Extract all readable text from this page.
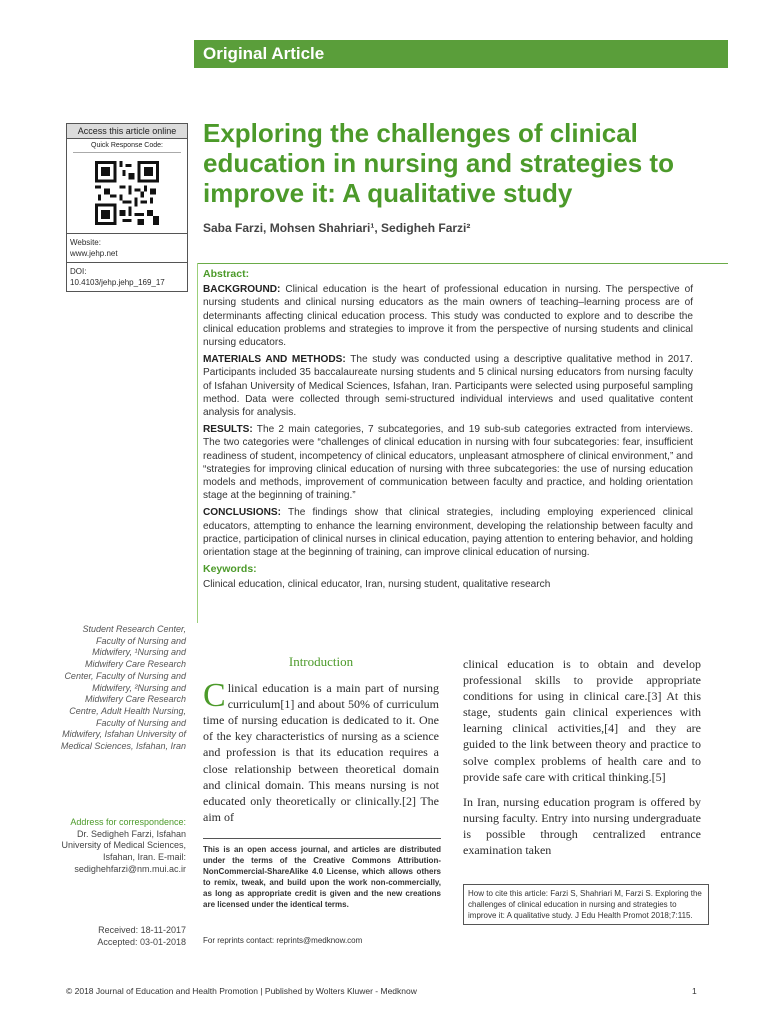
Original Article
Access this article online
Quick Response Code:
Website:
www.jehp.net
DOI:
10.4103/jehp.jehp_169_17
Exploring the challenges of clinical education in nursing and strategies to improve it: A qualitative study
Saba Farzi, Mohsen Shahriari¹, Sedigheh Farzi²
Abstract:

BACKGROUND: Clinical education is the heart of professional education in nursing. The perspective of nursing students and clinical nursing educators as the main owners of teaching–learning process are of determinants affecting clinical education process. This study was conducted to explore and to describe the clinical education problems and strategies to improve it from the perspective of nursing students and clinical nursing educators.

MATERIALS AND METHODS: The study was conducted using a descriptive qualitative method in 2017. Participants included 35 baccalaureate nursing students and 5 clinical nursing educators from nursing faculty of Isfahan University of Medical Sciences, Isfahan, Iran. Participants were selected using purposeful sampling method. Data were collected through semi-structured individual interviews and used qualitative content analysis for analysis.

RESULTS: The 2 main categories, 7 subcategories, and 19 sub-sub categories extracted from interviews. The two categories were “challenges of clinical education in nursing with four subcategories: fear, insufficient readiness of student, incompetency of clinical educators, unpleasant atmosphere of clinical environment,” and “strategies for improving clinical education of nursing with three subcategories: the use of nursing education models and methods, improvement of communication between faculty and practice, and holding orientation stage at the beginning of training.”

CONCLUSIONS: The findings show that clinical strategies, including employing experienced clinical educators, attempting to enhance the learning environment, developing the relationship between faculty and practice, participation of clinical nurses in clinical education, paying attention to entering behavior, and holding orientation stage at the beginning of training, can improve clinical education of nursing.

Keywords:
Clinical education, clinical educator, Iran, nursing student, qualitative research
Student Research Center, Faculty of Nursing and Midwifery, ¹Nursing and Midwifery Care Research Center, Faculty of Nursing and Midwifery, ²Nursing and Midwifery Care Research Centre, Adult Health Nursing, Faculty of Nursing and Midwifery, Isfahan University of Medical Sciences, Isfahan, Iran
Address for correspondence:
Dr. Sedigheh Farzi, Isfahan University of Medical Sciences, Isfahan, Iran. E-mail: sedighehfarzi@nm.mui.ac.ir
Received: 18-11-2017
Accepted: 03-01-2018
Introduction
C linical education is a main part of nursing curriculum[1] and about 50% of curriculum time of nursing education is dedicated to it. One of the key characteristics of nursing as a science and profession is that its education requires a close relationship between theoretical domain and clinical domain. This means nursing is not educated only theoretically or clinically.[2] The aim of

clinical education is to obtain and develop professional skills to provide appropriate conditions for using in clinical care.[3] At this stage, students gain clinical experiences with learning clinical activities,[4] and they are guided to the link between theory and practice to solve complex problems of health care and to provide safe care with critical thinking.[5]

In Iran, nursing education program is offered by nursing faculty. Entry into nursing undergraduate is possible through centralized entrance examination taken

This is an open access journal, and articles are distributed under the terms of the Creative Commons Attribution-NonCommercial-ShareAlike 4.0 License, which allows others to remix, tweak, and build upon the work non-commercially, as long as appropriate credit is given and the new creations are licensed under the identical terms.
For reprints contact: reprints@medknow.com
How to cite this article: Farzi S, Shahriari M, Farzi S. Exploring the challenges of clinical education in nursing and strategies to improve it: A qualitative study. J Edu Health Promot 2018;7:115.
© 2018 Journal of Education and Health Promotion | Published by Wolters Kluwer - Medknow	1
